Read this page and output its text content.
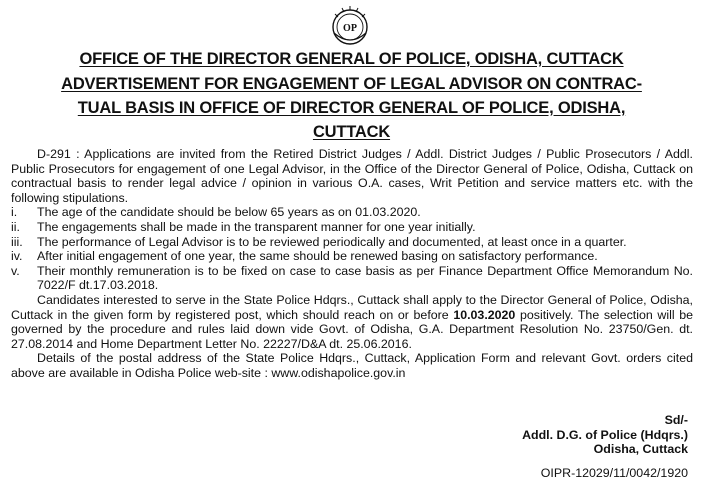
OP
OFFICE OF THE DIRECTOR GENERAL OF POLICE, ODISHA, CUTTACK
ADVERTISEMENT FOR ENGAGEMENT OF LEGAL ADVISOR ON CONTRAC-
TUAL BASIS IN OFFICE OF DIRECTOR GENERAL OF POLICE, ODISHA,
CUTTACK

D-291 : Applications are invited from the Retired District Judges / Addl. District Judges / Public Prosecutors / Addl. Public Prosecutors for engagement of one Legal Advisor, in the Office of the Director General of Police, Odisha, Cuttack on contractual basis to render legal advice / opinion in various O.A. cases, Writ Petition and service matters etc. with the following stipulations.

i.	The age of the candidate should be below 65 years as on 01.03.2020.
ii.	The engagements shall be made in the transparent manner for one year initially.
iii.	The performance of Legal Advisor is to be reviewed periodically and documented, at least once in a quarter.
iv.	After initial engagement of one year, the same should be renewed basing on satisfactory performance.
v.	Their monthly remuneration is to be fixed on case to case basis as per Finance Department Office Memorandum No. 7022/F dt.17.03.2018.

Candidates interested to serve in the State Police Hdqrs., Cuttack shall apply to the Director General of Police, Odisha, Cuttack in the given form by registered post, which should reach on or before 10.03.2020 positively. The selection will be governed by the procedure and rules laid down vide Govt. of Odisha, G.A. Department Resolution No. 23750/Gen. dt. 27.08.2014 and Home Department Letter No. 22227/D&A dt. 25.06.2016.

Details of the postal address of the State Police Hdqrs., Cuttack, Application Form and relevant Govt. orders cited above are available in Odisha Police web-site : www.odishapolice.gov.in

Sd/-
Addl. D.G. of Police (Hdqrs.)
Odisha, Cuttack
OIPR-12029/11/0042/1920
